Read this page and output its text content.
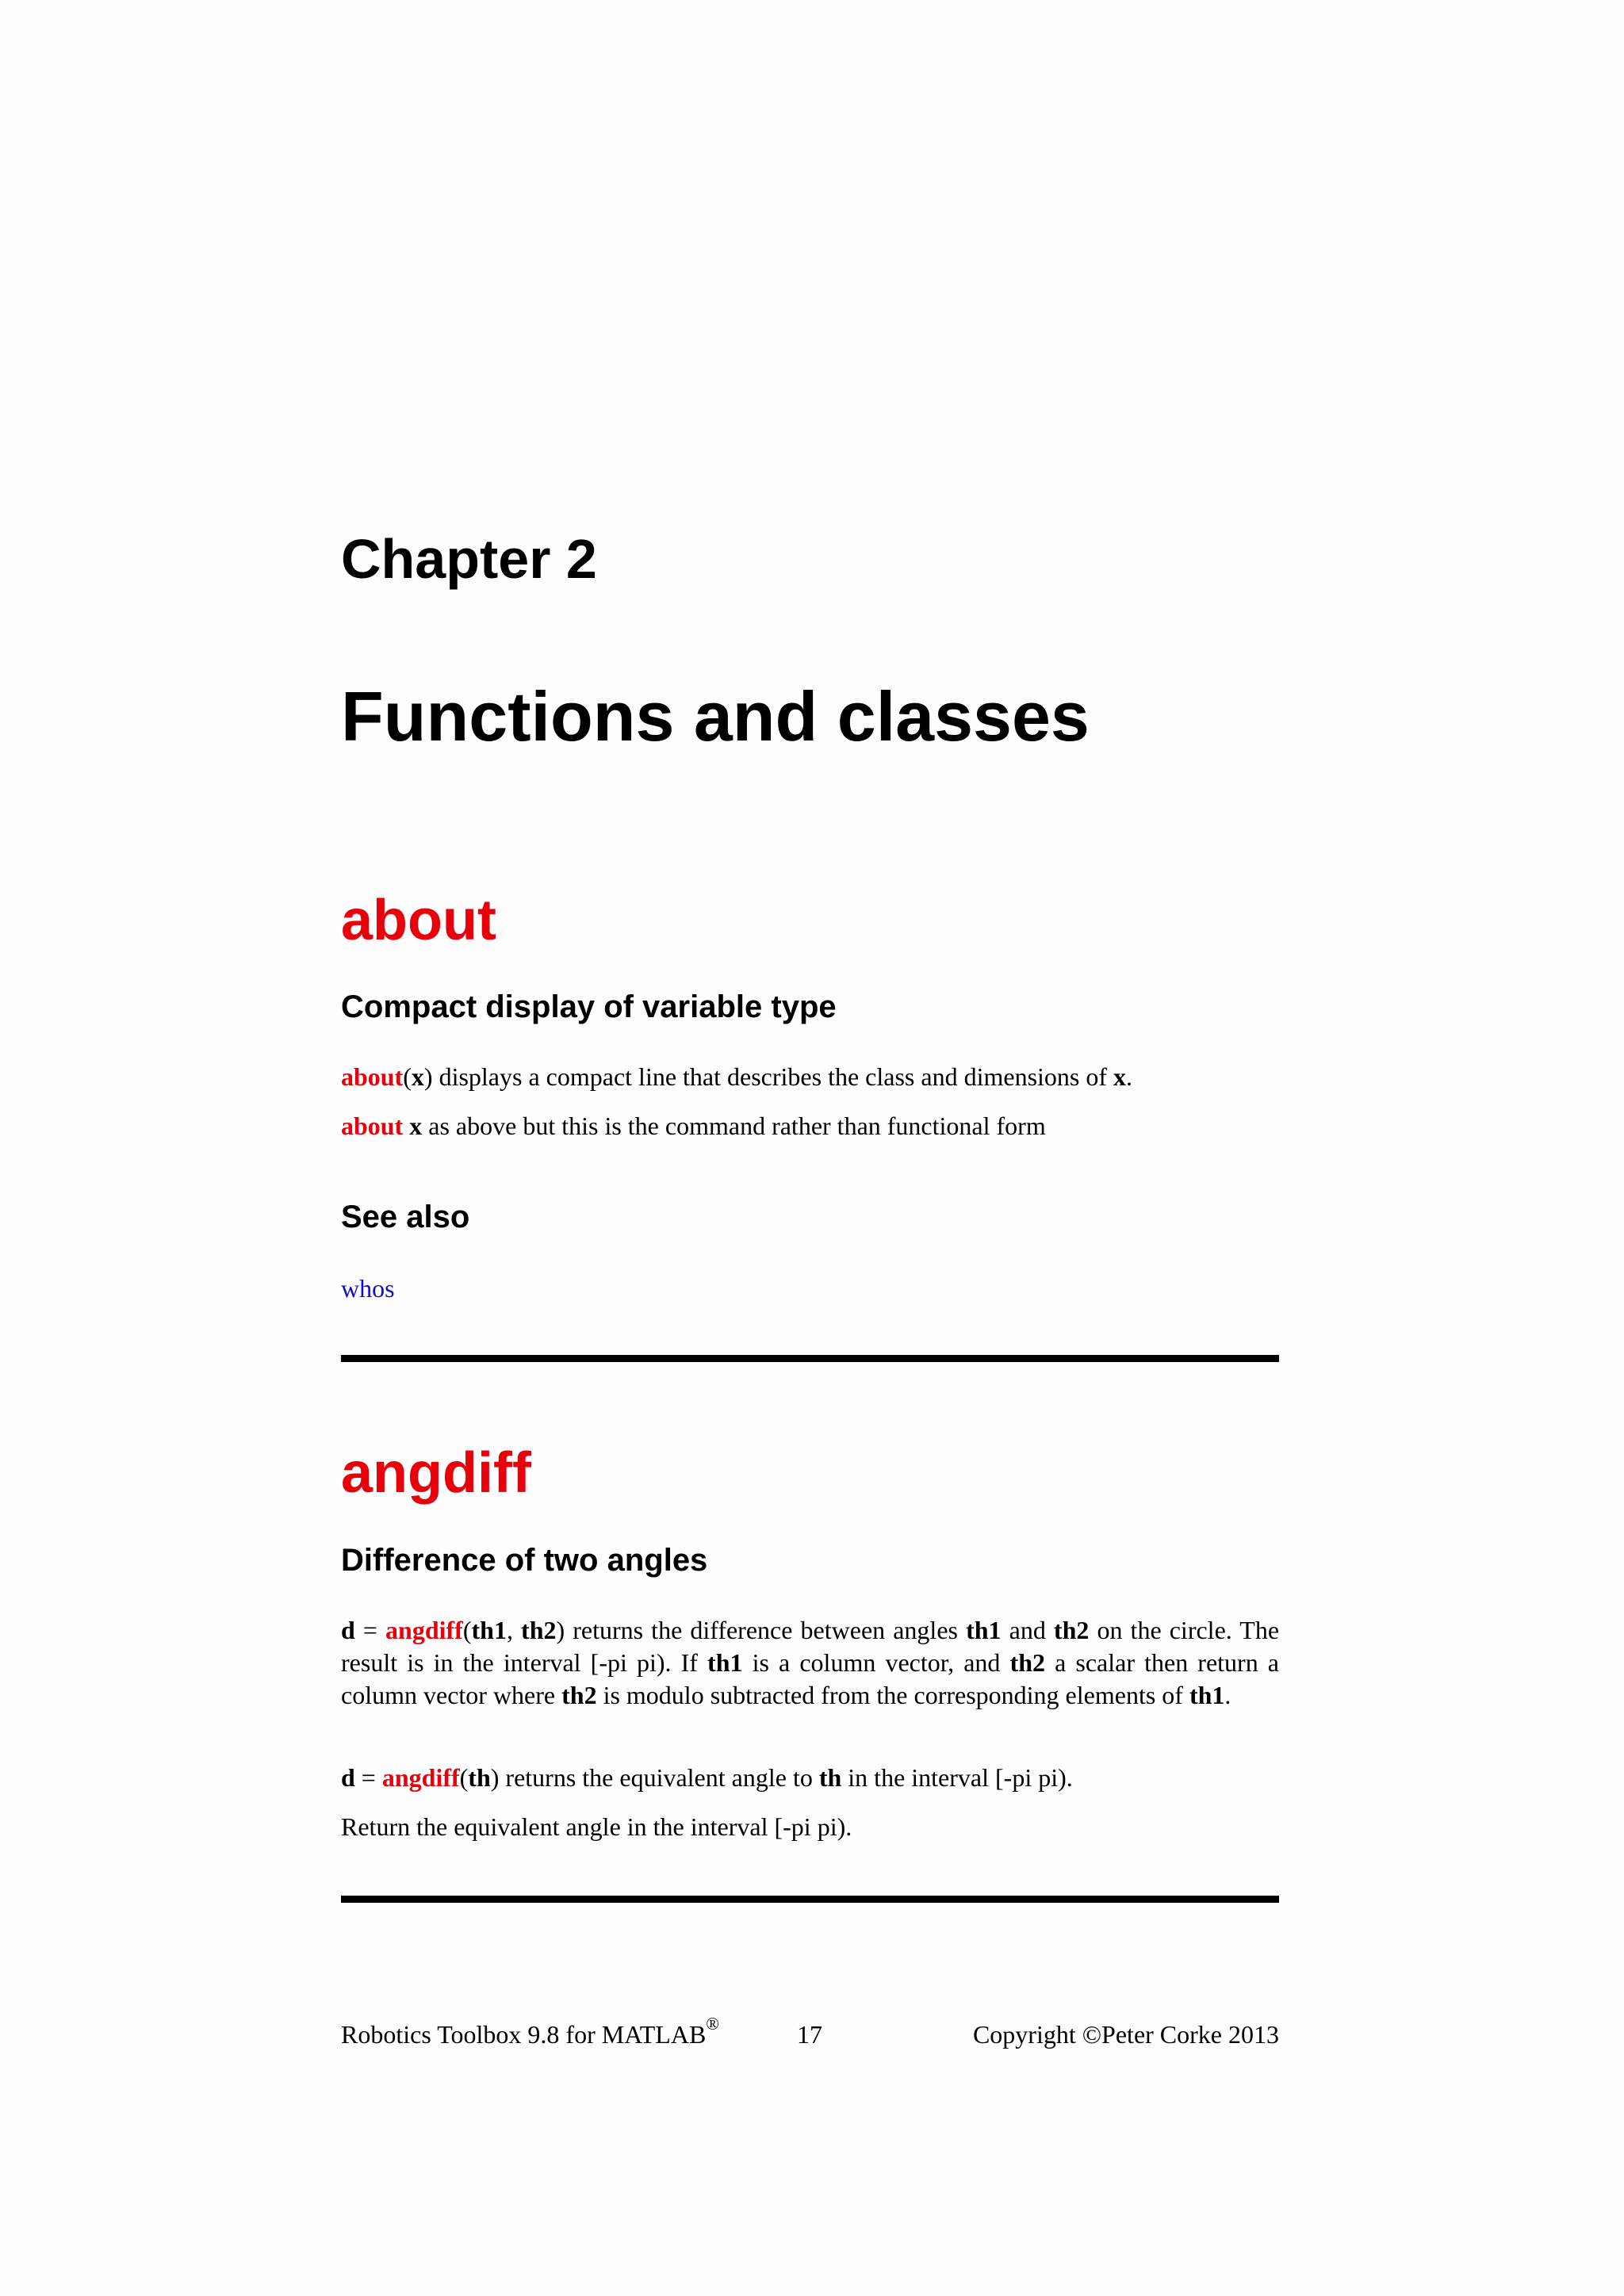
Chapter 2
Functions and classes
about
Compact display of variable type

about(x) displays a compact line that describes the class and dimensions of x.

about x as above but this is the command rather than functional form

See also

whos

angdiff
Difference of two angles

d = angdiff(th1, th2) returns the difference between angles th1 and th2 on the circle. The result is in the interval [-pi pi). If th1 is a column vector, and th2 a scalar then return a column vector where th2 is modulo subtracted from the corresponding elements of th1.

d = angdiff(th) returns the equivalent angle to th in the interval [-pi pi).

Return the equivalent angle in the interval [-pi pi).

Robotics Toolbox 9.8 for MATLAB®	17	Copyright ©Peter Corke 2013
